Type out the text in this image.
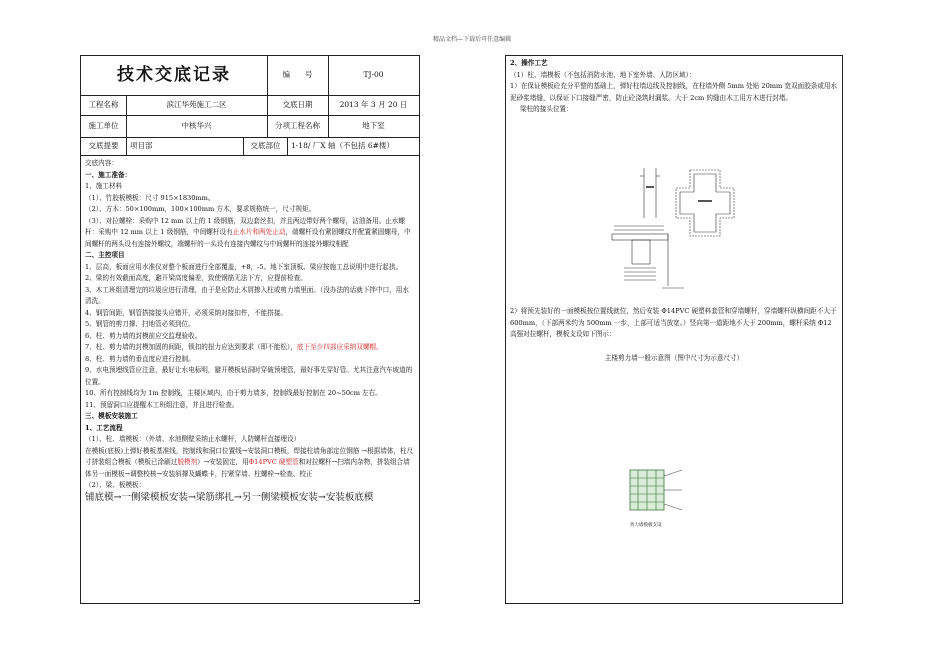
精品文档---下载后可任意编辑
技术交底记录	编　　号	TJ-00
工程名称	滨江华苑施工二区	交底日期	2013 年 3 月 20 日
施工单位	中核华兴	分项工程名称	地下室
交底提要	项目部	交底部位	1-18/ 厂X 轴（不包括 6#楼）

交底内容：

一、施工准备：

1、施工材料

（1）、竹胶板模板：尺寸 915×1830mm。

（2）、方木：50×100mm，100×100mm 方木，要求规格统一，尺寸规矩。

（3）、对拉螺栓：采购中 12 mm 以上的 1 级钢筋，双边套丝扣，并且两边带好两个螺母，沾油备用。止水螺杆：采购中 12 mm 以上 1 级钢筋，中间螺杆设有止水片和两处止动，端螺杆设有紧固螺纹并配置紧固螺母，中间螺杆的两头设有连接外螺纹，端螺杆的一头设有连接内螺纹与中间螺杆的连接外螺纹相配

二、主控项目

1、层高，板面应用水准仪对整个板面进行全部覆盖，+8，-5。地下室顶板、梁应按施工总说明中进行起拱。

2、梁的有效截面高度，避开梁高度偏差，致使钢筋无法下方，应提前检查。

3、木工班组清理完的垃圾应进行清理，由于是应防止木屑掺入柱或剪力墙里面。（没办法的话就下拌中口，用水清洗。

4、钢管间距，钢管搭接接头应错开，必须采纳对接扣件，不能搭接。

5、钢管的剪刀撑、扫地管必须到位。

6、柱、剪力墙的封模前应交监理验收。

7、柱、剪力墙的封模加固的间距，锁扣的扭力应达到要求（即不能松），底下至少四部应采纳双螺帽。

8、柱、剪力墙的垂直度应进行控制。

9、水电预埋线管应注意，最好让水电标明，避开模板钻洞时穿破预埋管，最好事先穿好管。尤其注意汽车坡道的位置。

10、所有控制线均为 1m 控制线，主楼区域内，由于剪力墙多，控制线最好控制在 20~50cm 左右。

11、预留洞口应提醒木工班组注意，并且进行检查。

三、模板安装施工

1、工艺流程

（1）、柱、墙模板：（外墙、水池侧壁采纳止水螺杆，人防螺杆直接埋设）

在模板(底板)上弹好模板基准线，控制线和洞口位置线→安装洞口模板，焊接柱墙角部定位钢筋 →根据墙体，柱尺寸拼装组合模板（模板已涂刷过脱模剂）→安装固定，用Φ14PVC 硬塑管和对拉螺杆→扫墙内杂物，拼装组合墙体另一面模板→调整校核→安装斜撑及蝴蝶卡，拧紧穿墙、柱螺栓→检查、校正

（2）、梁、板模板：

铺底模→一侧梁模板安装→梁筋绑扎→另一侧梁模板安装→安装板底模

2、操作工艺

（1）柱、墙模板（不包括消防水池、地下室外墙、人防区域）：

1）在保证模板砼充分平整的基础上，弹好柱墙边线及控制线，在柱墙外侧 5mm 处贴 20mm 宽双面胶条或用水泥砂浆堵缝，以保证下口接缝严密，防止砼浇筑时漏浆。大于 2cm 的缝由木工用方木进行封堵。

梁柱的接头位置：

2）将预先装好的一面模板按位置线就位，然后安装 Φ14PVC 硬塑料套管和穿墙螺杆，穿墙螺杆纵横间距不大于 600mm，（下部两米约为 500mm 一步，上部可适当放宽。）竖向第一道距地不大于 200mm，螺杆采纳 Φ12 高强对拉螺杆，模板支设如下图示：

主楼剪力墙一般示意图（图中尺寸为示意尺寸）

剪力墙模板支设
